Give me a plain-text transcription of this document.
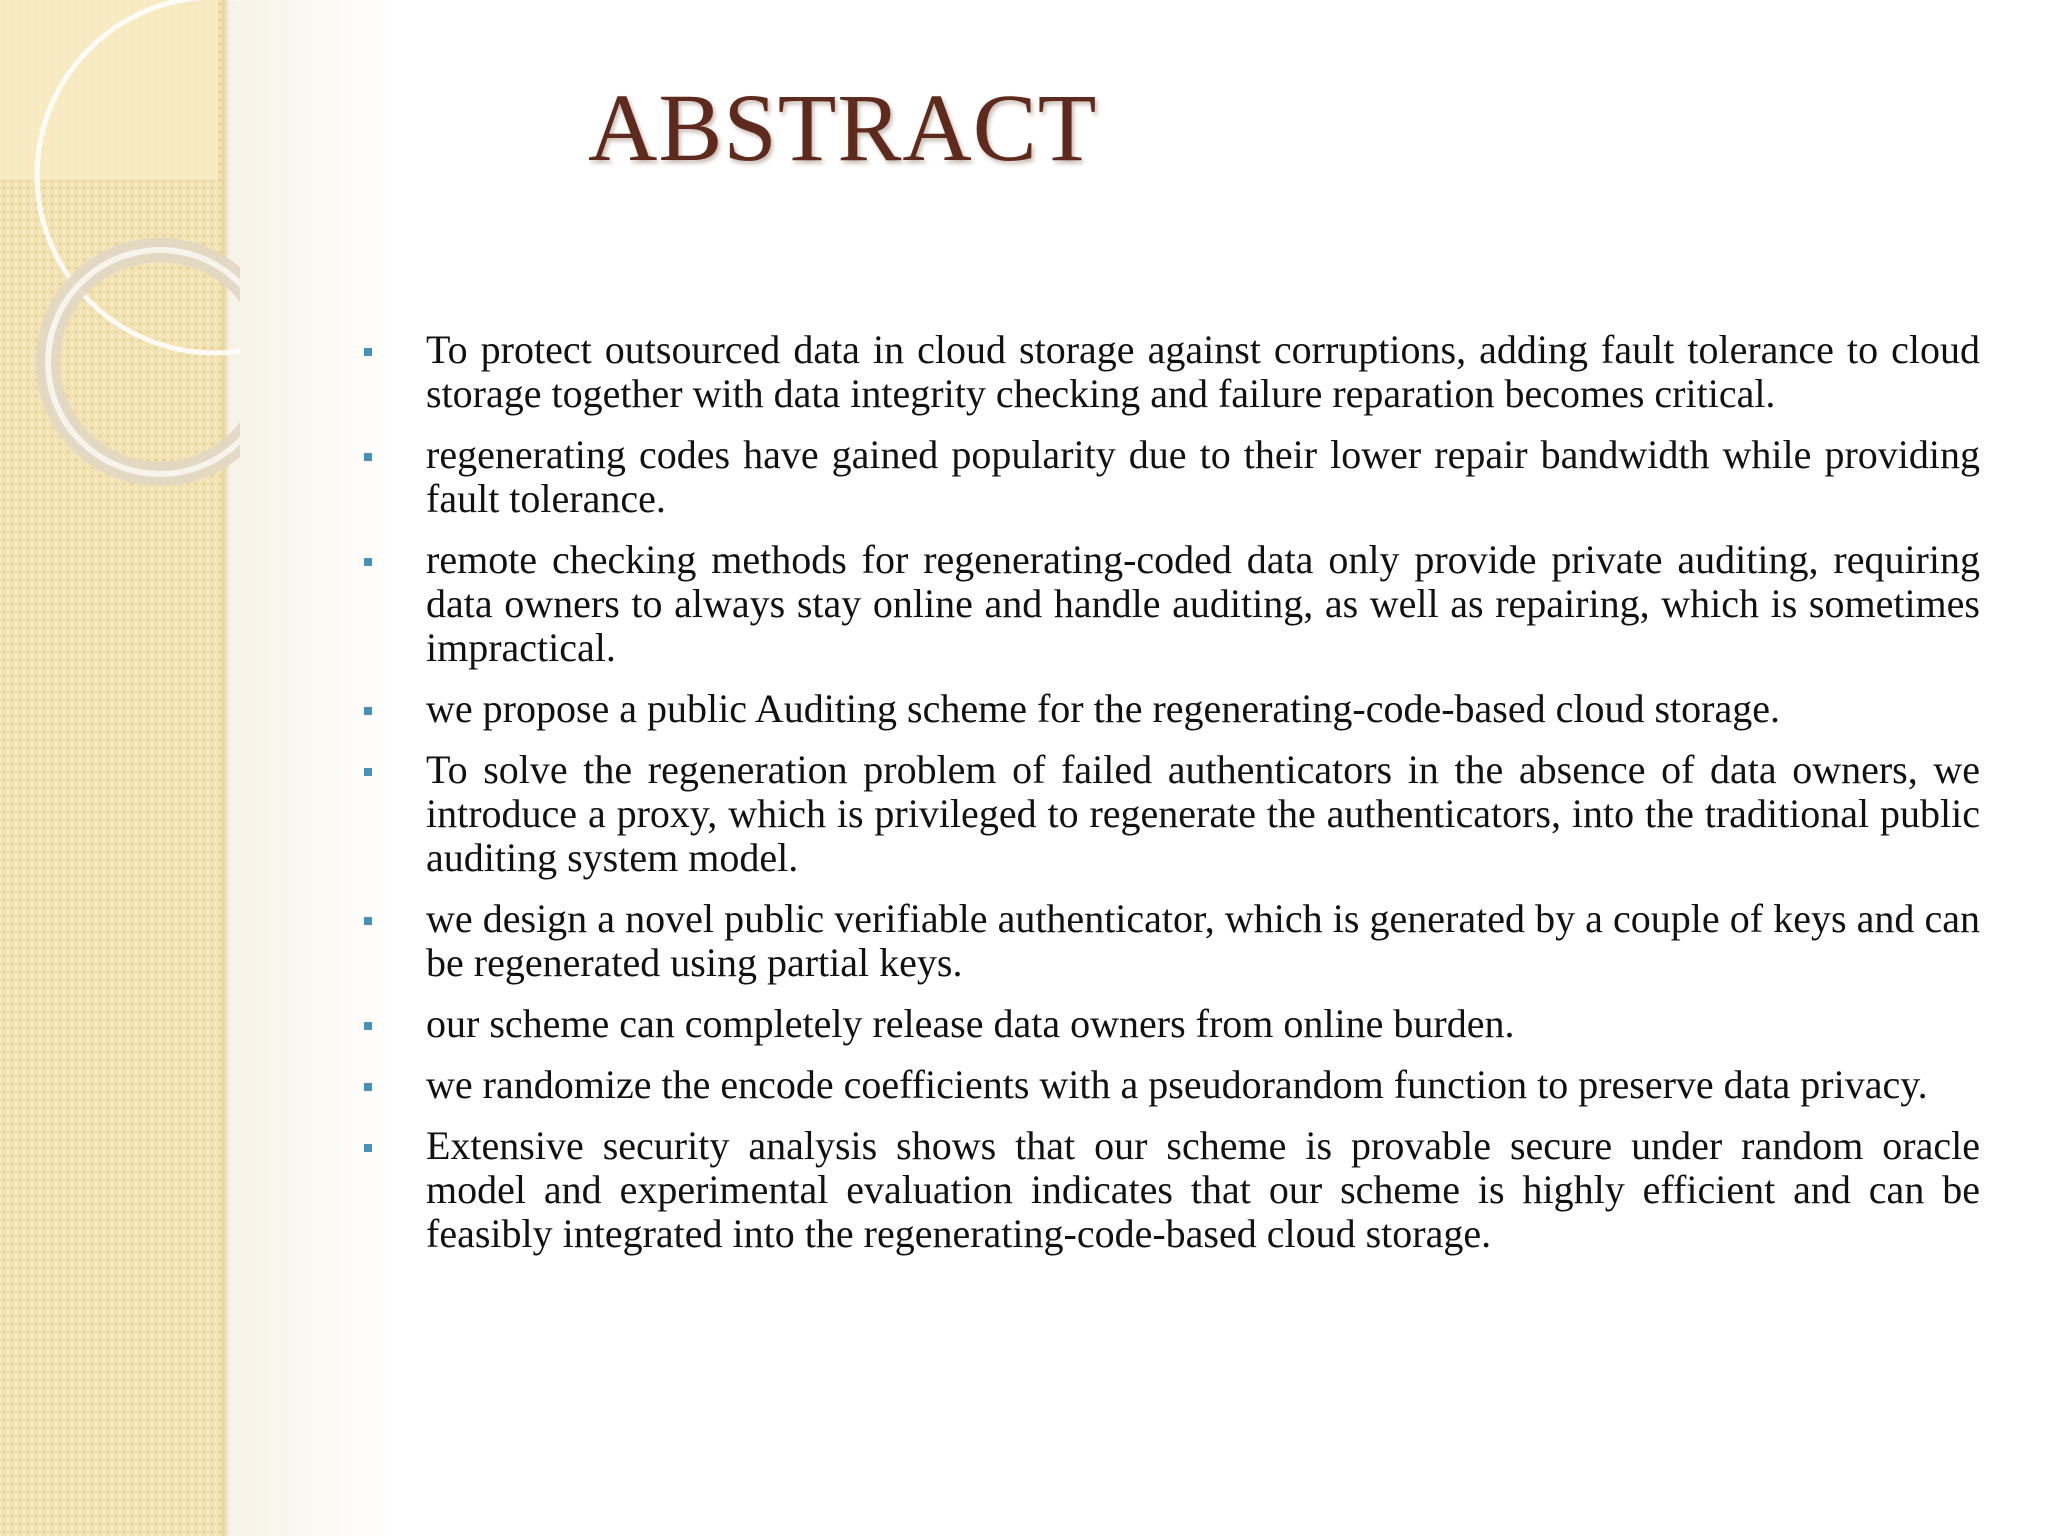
ABSTRACT
To protect outsourced data in cloud storage against corruptions, adding fault tolerance to cloud storage together with data integrity checking and failure reparation becomes critical.
regenerating codes have gained popularity due to their lower repair bandwidth while providing fault tolerance.
remote checking methods for regenerating-coded data only provide private auditing, requiring data owners to always stay online and handle auditing, as well as repairing, which is sometimes impractical.
we propose a public Auditing scheme for the regenerating-code-based cloud storage.
To solve the regeneration problem of failed authenticators in the absence of data owners, we introduce a proxy, which is privileged to regenerate the authenticators, into the traditional public auditing system model.
we design a novel public verifiable authenticator, which is generated by a couple of keys and can be regenerated using partial keys.
our scheme can completely release data owners from online burden.
we randomize the encode coefficients with a pseudorandom function to preserve data privacy.
Extensive security analysis shows that our scheme is provable secure under random oracle model and experimental evaluation indicates that our scheme is highly efficient and can be feasibly integrated into the regenerating-code-based cloud storage.
